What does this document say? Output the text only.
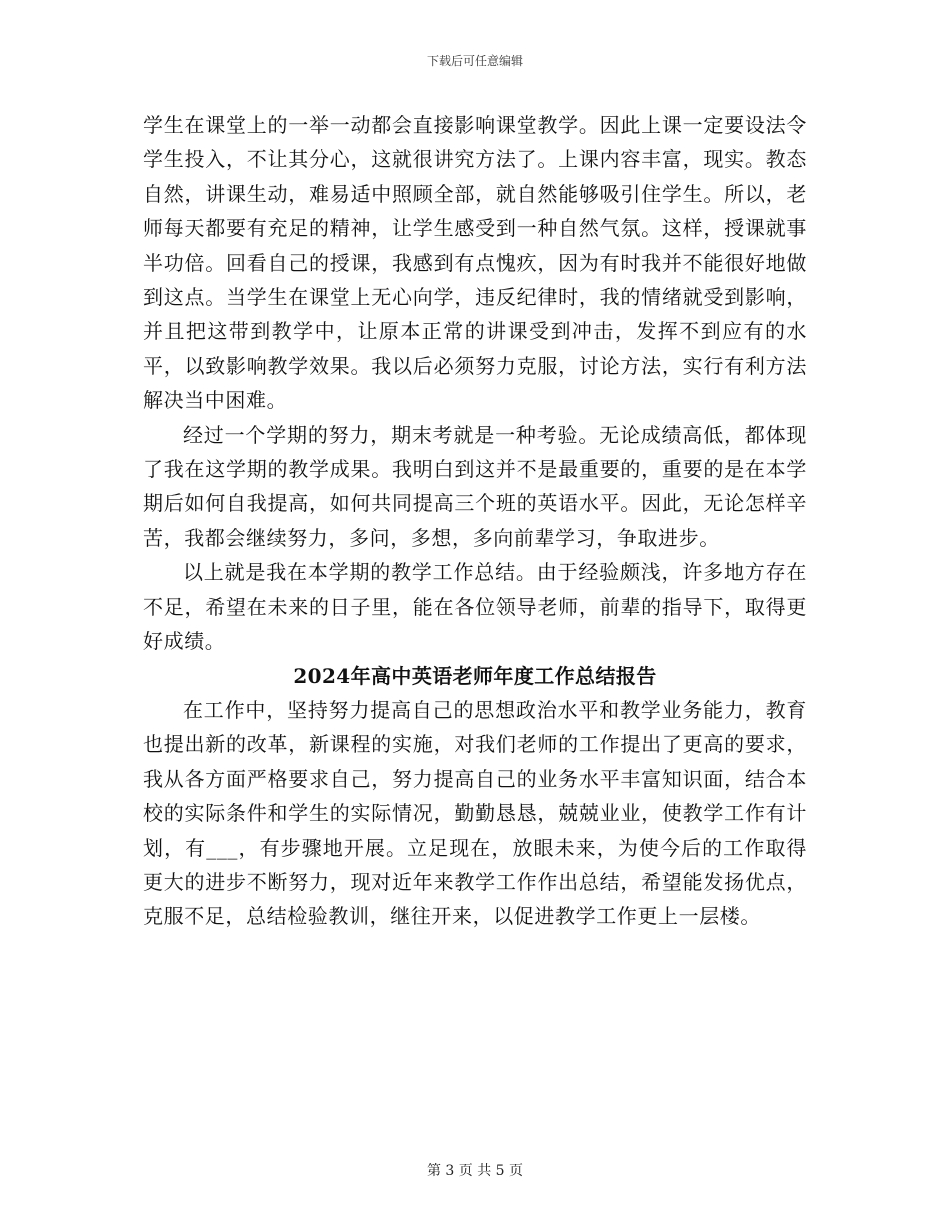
下载后可任意编辑

学生在课堂上的一举一动都会直接影响课堂教学。因此上课一定要设法令学生投入，不让其分心，这就很讲究方法了。上课内容丰富，现实。教态自然，讲课生动，难易适中照顾全部，就自然能够吸引住学生。所以，老师每天都要有充足的精神，让学生感受到一种自然气氛。这样，授课就事半功倍。回看自己的授课，我感到有点愧疚，因为有时我并不能很好地做到这点。当学生在课堂上无心向学，违反纪律时，我的情绪就受到影响，并且把这带到教学中，让原本正常的讲课受到冲击，发挥不到应有的水平，以致影响教学效果。我以后必须努力克服，讨论方法，实行有利方法解决当中困难。

经过一个学期的努力，期末考就是一种考验。无论成绩高低，都体现了我在这学期的教学成果。我明白到这并不是最重要的，重要的是在本学期后如何自我提高，如何共同提高三个班的英语水平。因此，无论怎样辛苦，我都会继续努力，多问，多想，多向前辈学习，争取进步。

以上就是我在本学期的教学工作总结。由于经验颇浅，许多地方存在不足，希望在未来的日子里，能在各位领导老师，前辈的指导下，取得更好成绩。

2024年高中英语老师年度工作总结报告

在工作中，坚持努力提高自己的思想政治水平和教学业务能力，教育也提出新的改革，新课程的实施，对我们老师的工作提出了更高的要求，我从各方面严格要求自己，努力提高自己的业务水平丰富知识面，结合本校的实际条件和学生的实际情况，勤勤恳恳，兢兢业业，使教学工作有计划，有___，有步骤地开展。立足现在，放眼未来，为使今后的工作取得更大的进步不断努力，现对近年来教学工作作出总结，希望能发扬优点，克服不足，总结检验教训，继往开来，以促进教学工作更上一层楼。

第 3 页 共 5 页
